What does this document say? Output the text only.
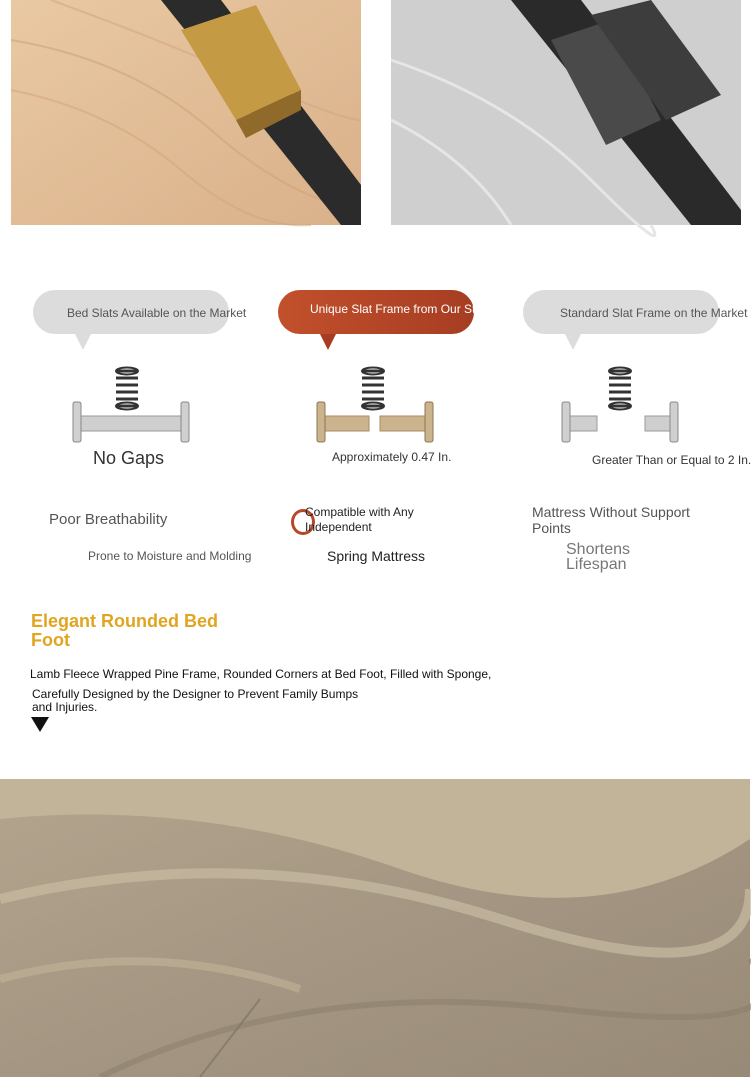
Bed Slats Available on the Market
No Gaps
Poor Breathability
Prone to Moisture and Molding
Unique Slat Frame from Our Store
Approximately 0.47 In.
Compatible with Any Independent
Spring Mattress
Standard Slat Frame on the Market
Greater Than or Equal to 2 In.
Mattress Without Support Points
Shortens Lifespan
Elegant Rounded Bed Foot
Lamb Fleece Wrapped Pine Frame, Rounded Corners at Bed Foot, Filled with Sponge,
Carefully Designed by the Designer to Prevent Family Bumps
and Injuries.
